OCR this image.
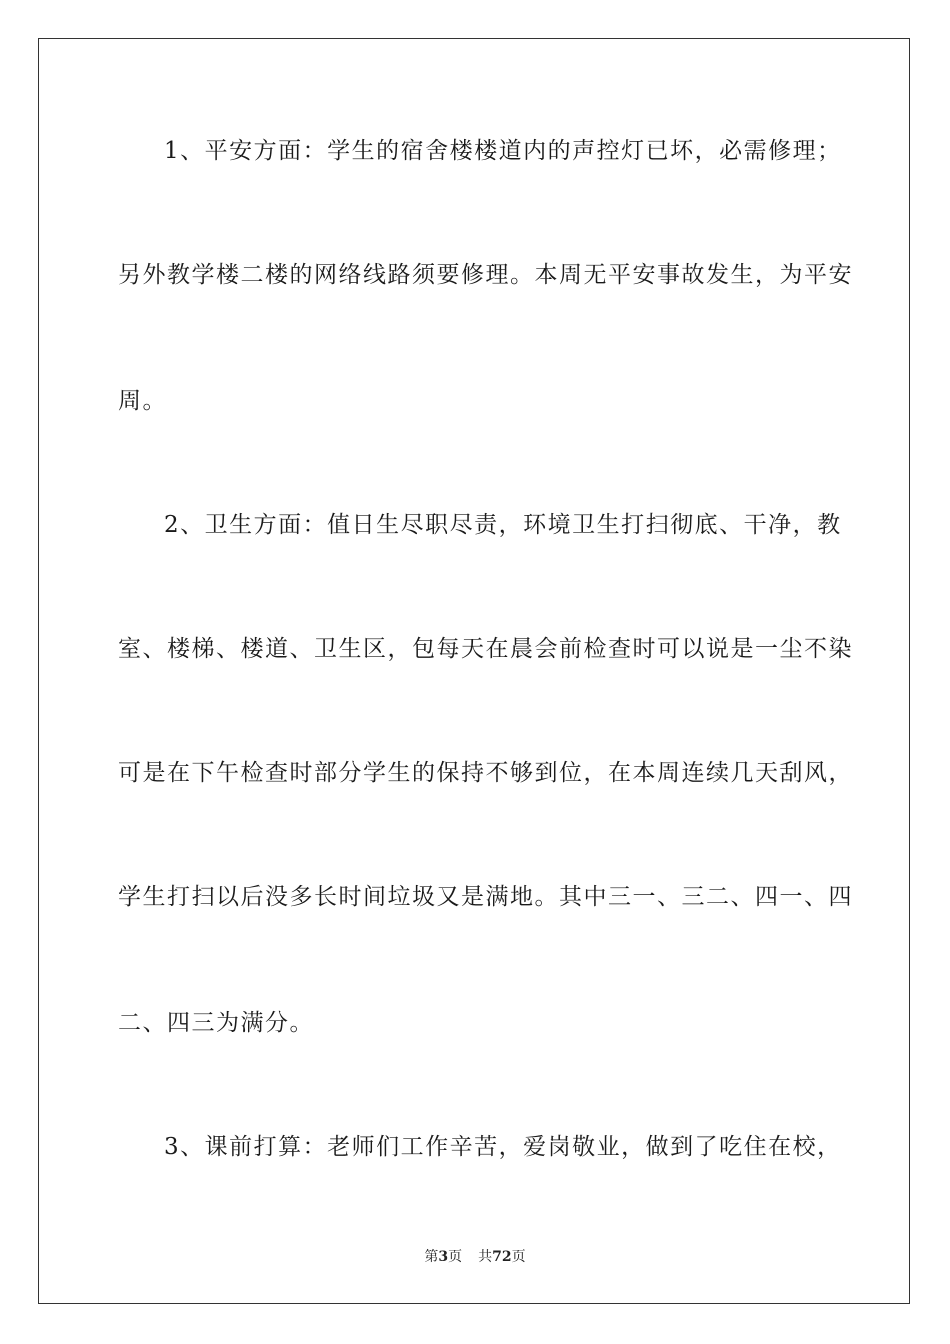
1、平安方面：学生的宿舍楼楼道内的声控灯已坏，必需修理；
另外教学楼二楼的网络线路须要修理。本周无平安事故发生，为平安
周。
2、卫生方面：值日生尽职尽责，环境卫生打扫彻底、干净，教
室、楼梯、楼道、卫生区，包每天在晨会前检查时可以说是一尘不染
可是在下午检查时部分学生的保持不够到位，在本周连续几天刮风，
学生打扫以后没多长时间垃圾又是满地。其中三一、三二、四一、四
二、四三为满分。
3、课前打算：老师们工作辛苦，爱岗敬业，做到了吃住在校，
第3页 共72页
